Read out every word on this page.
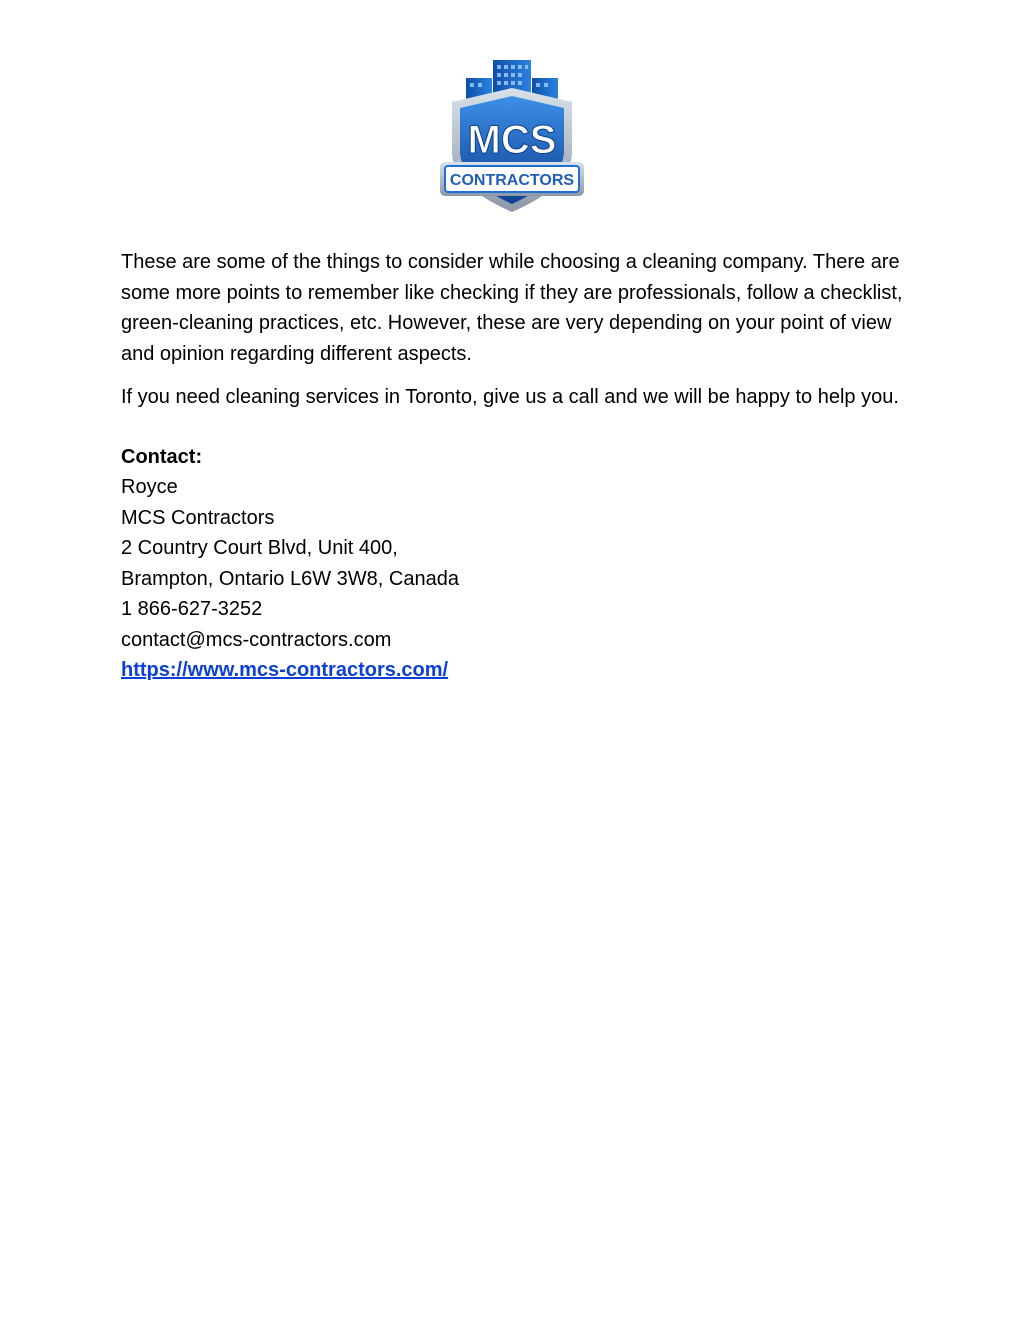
MCS
CONTRACTORS

These are some of the things to consider while choosing a cleaning company. There are some more points to remember like checking if they are professionals, follow a checklist, green-cleaning practices, etc. However, these are very depending on your point of view and opinion regarding different aspects.

If you need cleaning services in Toronto, give us a call and we will be happy to help you.

Contact:

Royce

MCS Contractors

2 Country Court Blvd, Unit 400,

Brampton, Ontario L6W 3W8, Canada

1 866-627-3252

contact@mcs-contractors.com

https://www.mcs-contractors.com/
